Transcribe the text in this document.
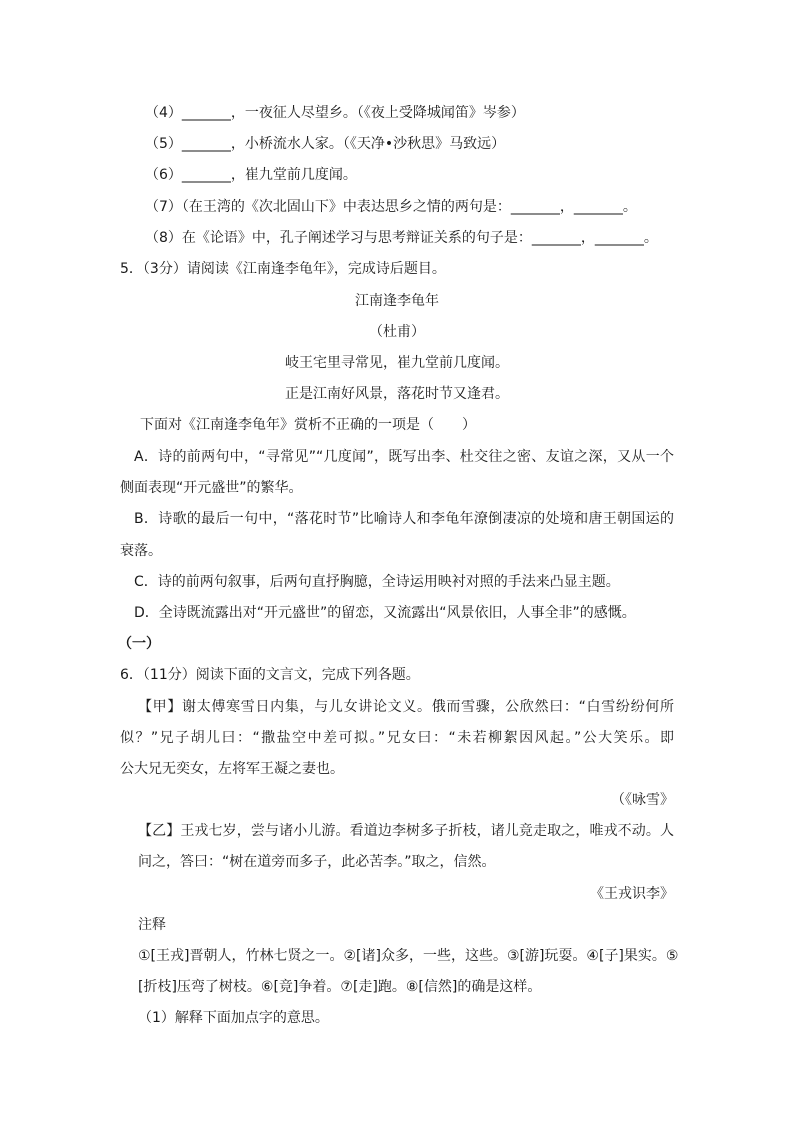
（4）_______，一夜征人尽望乡。（《夜上受降城闻笛》岑参）
（5）_______，小桥流水人家。（《天净•沙秋思》马致远）
（6）_______，崔九堂前几度闻。
（7）（在王湾的《次北固山下》中表达思乡之情的两句是：_______，_______。
（8）在《论语》中，孔子阐述学习与思考辩证关系的句子是：_______，_______。
5．（3分）请阅读《江南逢李龟年》，完成诗后题目。
江南逢李龟年
（杜甫）
岐王宅里寻常见，崔九堂前几度闻。
正是江南好风景，落花时节又逢君。
下面对《江南逢李龟年》赏析不正确的一项是（　　）
A．诗的前两句中，“寻常见”“几度闻”，既写出李、杜交往之密、友谊之深，又从一个
侧面表现“开元盛世”的繁华。
B．诗歌的最后一句中，“落花时节”比喻诗人和李龟年潦倒凄凉的处境和唐王朝国运的
衰落。
C．诗的前两句叙事，后两句直抒胸臆，全诗运用映衬对照的手法来凸显主题。
D．全诗既流露出对“开元盛世”的留恋，又流露出“风景依旧，人事全非”的感慨。
（一）
6．（11分）阅读下面的文言文，完成下列各题。
【甲】谢太傅寒雪日内集，与儿女讲论文义。俄而雪骤，公欣然曰：“白雪纷纷何所
似？”兄子胡儿曰：“撒盐空中差可拟。”兄女曰：“未若柳絮因风起。”公大笑乐。即
公大兄无奕女，左将军王凝之妻也。
（《咏雪》
【乙】王戎七岁，尝与诸小儿游。看道边李树多子折枝，诸儿竞走取之，唯戎不动。人
问之，答曰：“树在道旁而多子，此必苦李。”取之，信然。
《王戎识李》
注释
①[王戎]晋朝人，竹林七贤之一。②[诸]众多，一些，这些。③[游]玩耍。④[子]果实。⑤
[折枝]压弯了树枝。⑥[竞]争着。⑦[走]跑。⑧[信然]的确是这样。
（1）解释下面加点字的意思。
